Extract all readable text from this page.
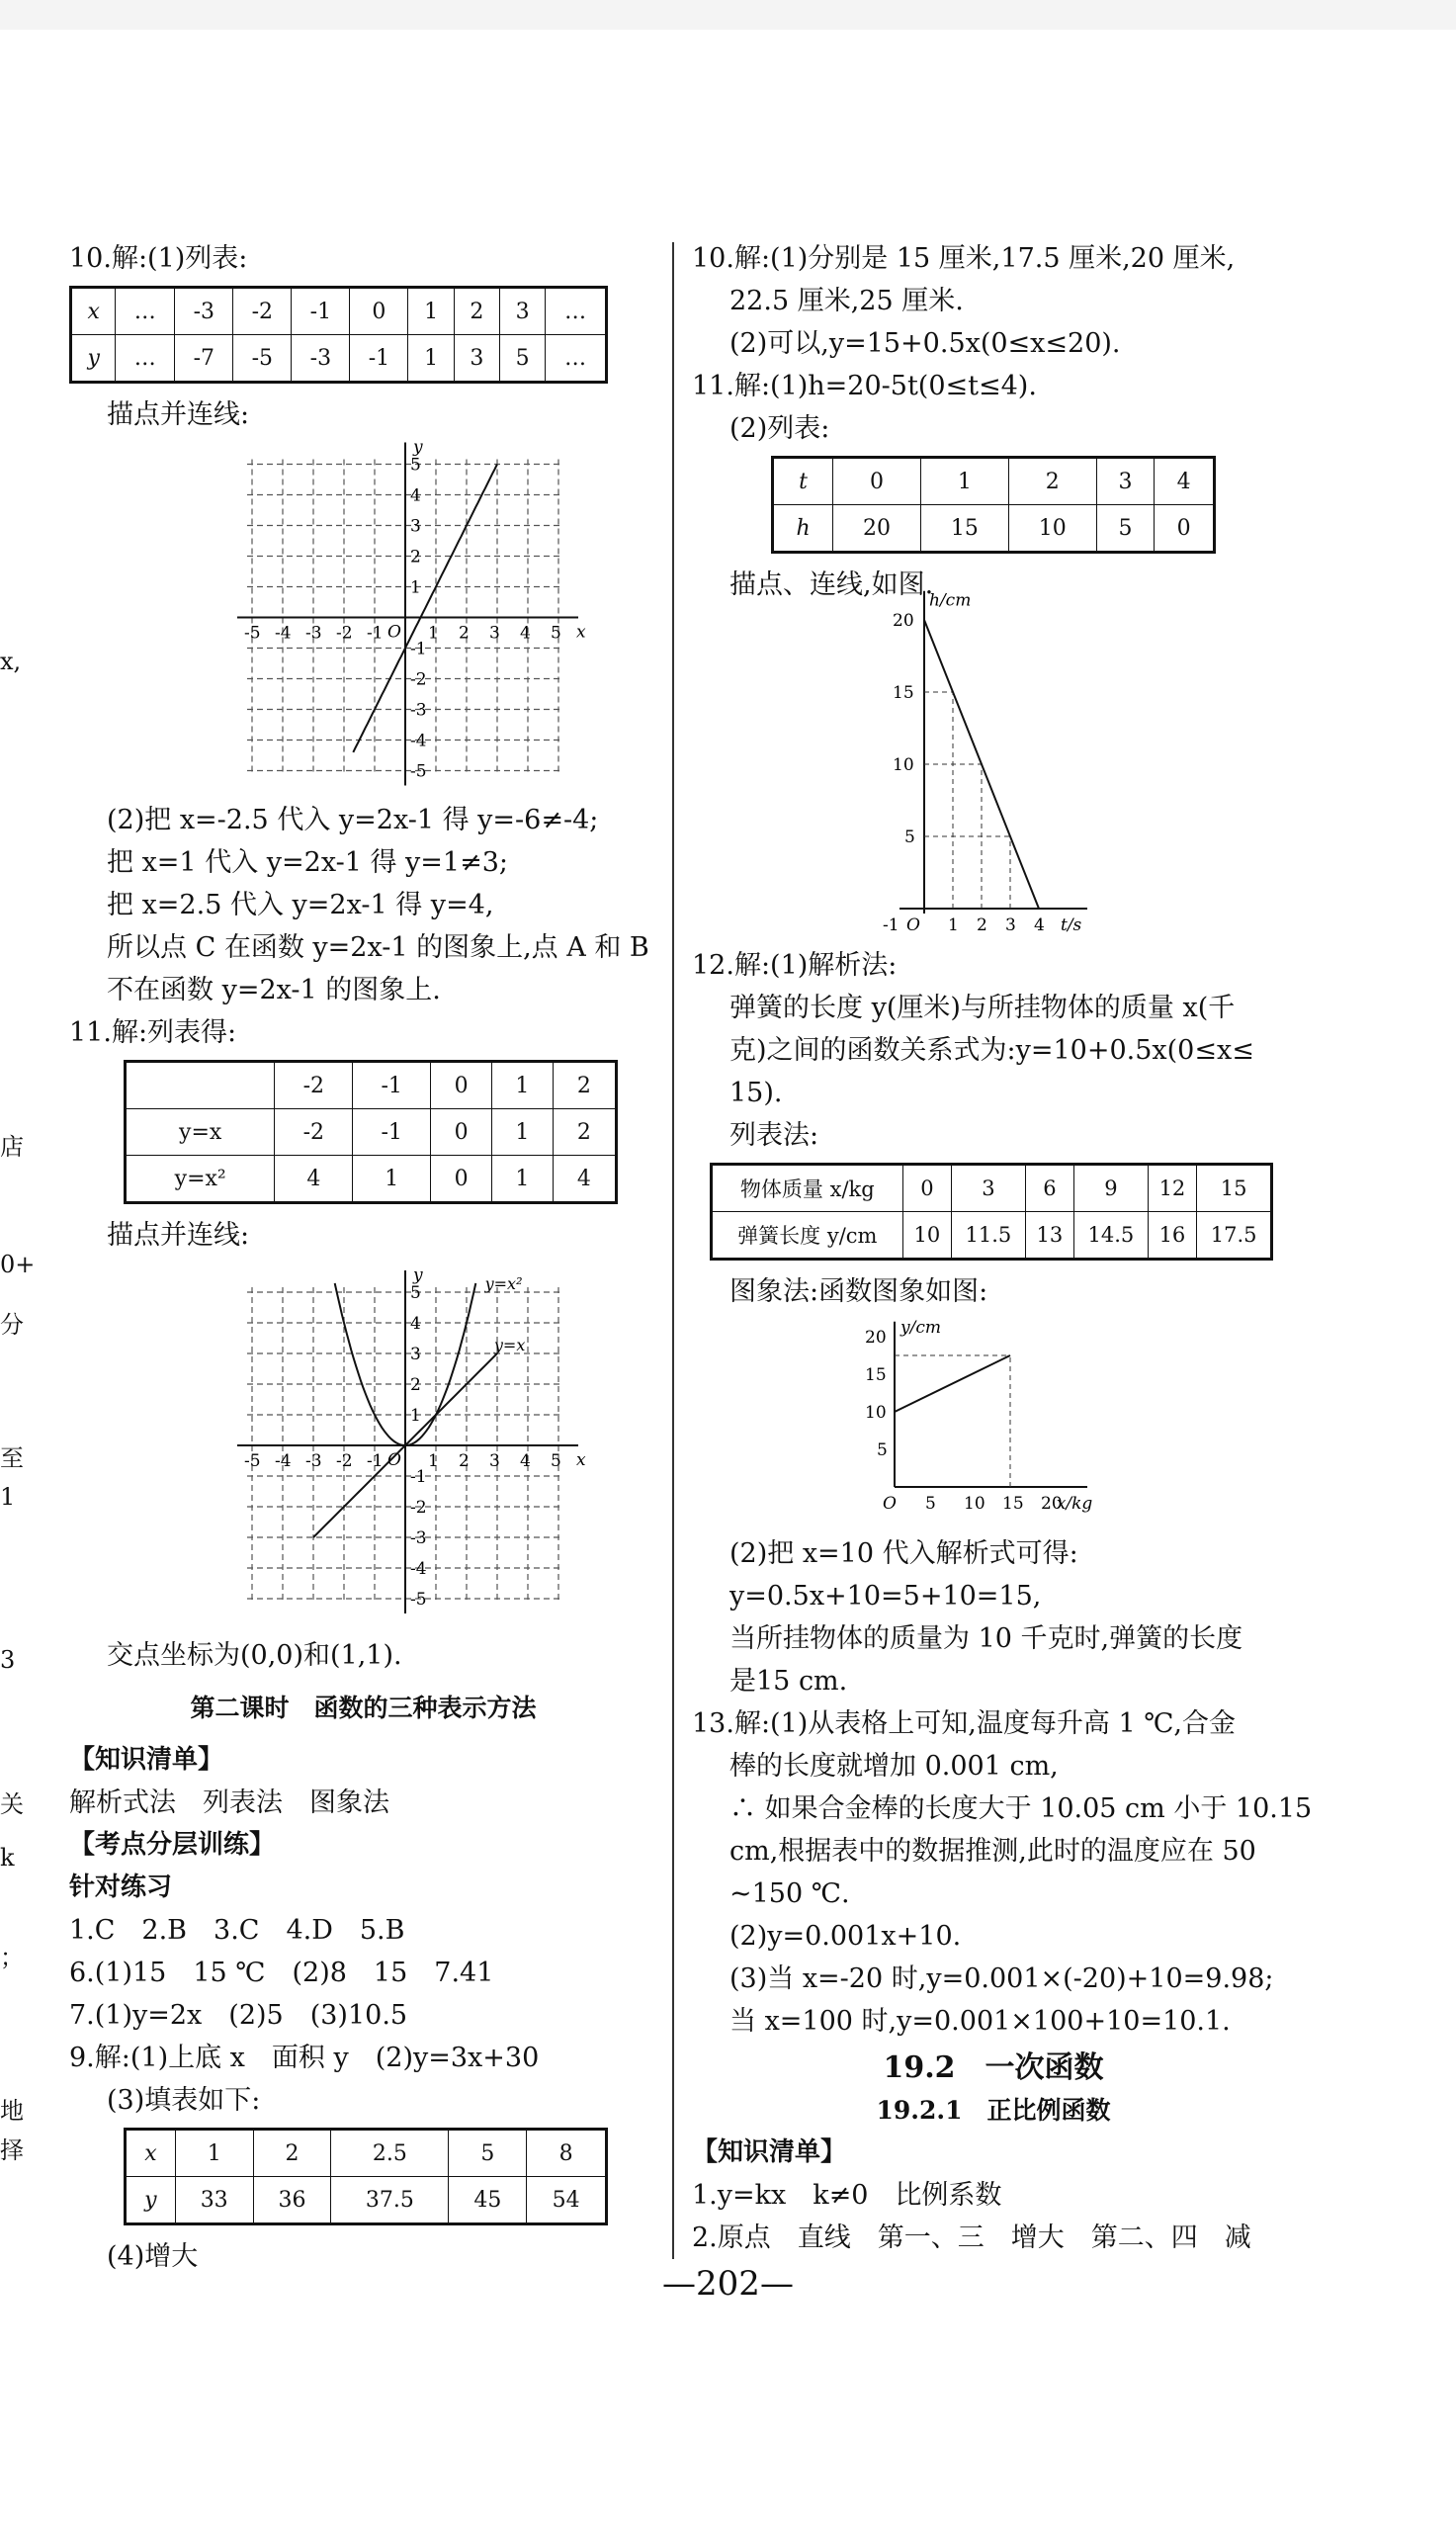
x,
店
0+
分
至
1
3
关
k
；
地
择

10.解:(1)列表:

x	…	-3	-2	-1	0	1	2	3	…
y	…	-7	-5	-3	-1	1	3	5	…

描点并连线:

x
y
O
-5
-5
-4
-4
-3
-3
-2
-2
-1
-1
1
1
2
2
3
3
4
4
5
5

(2)把 x=-2.5 代入 y=2x-1 得 y=-6≠-4;

把 x=1 代入 y=2x-1 得 y=1≠3;

把 x=2.5 代入 y=2x-1 得 y=4,

所以点 C 在函数 y=2x-1 的图象上,点 A 和 B

不在函数 y=2x-1 的图象上.

11.解:列表得:

	-2	-1	0	1	2
y=x	-2	-1	0	1	2
y=x²	4	1	0	1	4

描点并连线:

x
y
O
-5
-5
-4
-4
-3
-3
-2
-2
-1
-1
1
1
2
2
3
3
4
4
5
5	y=x²
y=x

交点坐标为(0,0)和(1,1).

第二课时　函数的三种表示方法

【知识清单】

解析式法　列表法　图象法

【考点分层训练】

针对练习

1.C　2.B　3.C　4.D　5.B

6.(1)15　15 ℃　(2)8　15　7.41

7.(1)y=2x　(2)5　(3)10.5

9.解:(1)上底 x　面积 y　(2)y=3x+30

(3)填表如下:

x	1	2	2.5	5	8
y	33	36	37.5	45	54

(4)增大

10.解:(1)分别是 15 厘米,17.5 厘米,20 厘米,

22.5 厘米,25 厘米.

(2)可以,y=15+0.5x(0≤x≤20).

11.解:(1)h=20-5t(0≤t≤4).

(2)列表:

t	0	1	2	3	4
h	20	15	10	5	0

描点、连线,如图.

h/cm
t/s
O
-1	1 2 3 4
5
10
15
20

12.解:(1)解析法:

弹簧的长度 y(厘米)与所挂物体的质量 x(千

克)之间的函数关系式为:y=10+0.5x(0≤x≤

15).

列表法:

物体质量 x/kg	0	3	6	9	12	15
弹簧长度 y/cm	10	11.5	13	14.5	16	17.5

图象法:函数图象如图:

y/cm
x/kg
O 5
5
10
10
15
15
20
20

(2)把 x=10 代入解析式可得:

y=0.5x+10=5+10=15,

当所挂物体的质量为 10 千克时,弹簧的长度

是15 cm.

13.解:(1)从表格上可知,温度每升高 1 ℃,合金

棒的长度就增加 0.001 cm,

∴ 如果合金棒的长度大于 10.05 cm 小于 10.15

cm,根据表中的数据推测,此时的温度应在 50

~150 ℃.

(2)y=0.001x+10.

(3)当 x=-20 时,y=0.001×(-20)+10=9.98;

当 x=100 时,y=0.001×100+10=10.1.

19.2　一次函数

19.2.1　正比例函数

【知识清单】

1.y=kx　k≠0　比例系数

2.原点　直线　第一、三　增大　第二、四　减

—202—
